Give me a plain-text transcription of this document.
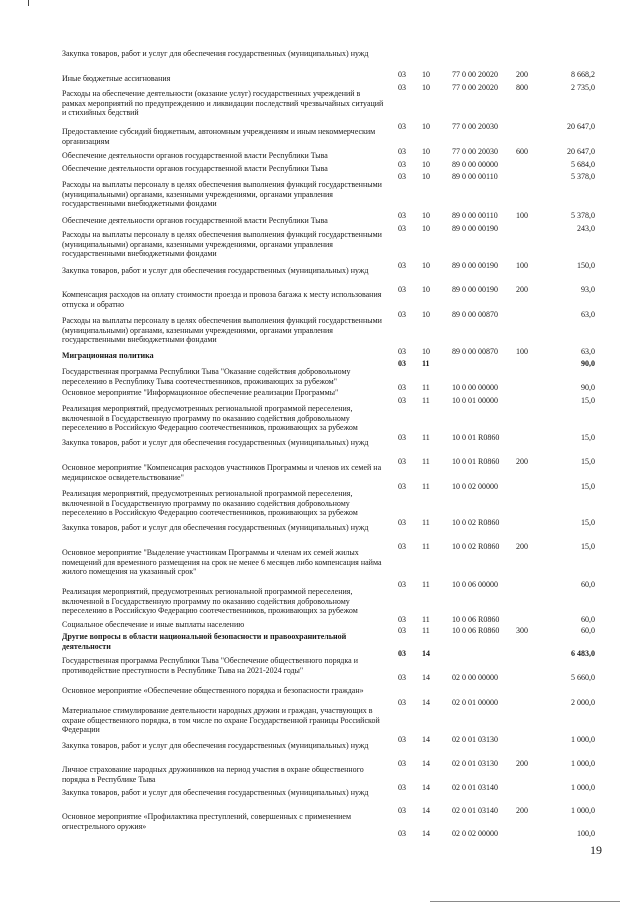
Закупка товаров, работ и услуг для обеспечения государственных (муниципальных) нужд
03 10	77 0 00 20020 200	8 668,2
Иные бюджетные ассигнования
03 10	77 0 00 20020 800	2 735,0
Расходы на обеспечение деятельности (оказание услуг) государственных учреждений в рамках мероприятий по предупреждению и ликвидации последствий чрезвычайных ситуаций и стихийных бедствий
03 10	77 0 00 20030	20 647,0
Предоставление субсидий бюджетным, автономным учреждениям и иным некоммерческим организациям
03 10	77 0 00 20030 600	20 647,0
Обеспечение деятельности органов государственной власти Республики Тыва
03 10	89 0 00 00000	5 684,0
Обеспечение деятельности органов государственной власти Республики Тыва
03 10	89 0 00 00110	5 378,0
Расходы на выплаты персоналу в целях обеспечения выполнения функций государственными (муниципальными) органами, казенными учреждениями, органами управления государственными внебюджетными фондами
03 10	89 0 00 00110 100	5 378,0
Обеспечение деятельности органов государственной власти Республики Тыва
03 10	89 0 00 00190	243,0
Расходы на выплаты персоналу в целях обеспечения выполнения функций государственными (муниципальными) органами, казенными учреждениями, органами управления государственными внебюджетными фондами
03 10	89 0 00 00190 100	150,0
Закупка товаров, работ и услуг для обеспечения государственных (муниципальных) нужд
03 10	89 0 00 00190 200	93,0
Компенсация расходов на оплату стоимости проезда и провоза багажа к месту использования отпуска и обратно
03 10	89 0 00 00870	63,0
Расходы на выплаты персоналу в целях обеспечения выполнения функций государственными (муниципальными) органами, казенными учреждениями, органами управления государственными внебюджетными фондами
03 10	89 0 00 00870 100	63,0
Миграционная политика
03 11	90,0
Государственная программа Республики Тыва "Оказание содействия добровольному переселению в Республику Тыва соотечественников, проживающих за рубежом"
03 11	10 0 00 00000	90,0
Основное мероприятие "Информационное обеспечение реализации Программы"
03 11	10 0 01 00000	15,0
Реализация мероприятий, предусмотренных региональной программой переселения, включенной в Государственную программу по оказанию содействия добровольному переселению в Российскую Федерацию соотечественников, проживающих за рубежом
03 11	10 0 01 R0860	15,0
Закупка товаров, работ и услуг для обеспечения государственных (муниципальных) нужд
03 11	10 0 01 R0860 200	15,0
Основное мероприятие "Компенсация расходов участников Программы и членов их семей на медицинское освидетельствование"
03 11	10 0 02 00000	15,0
Реализация мероприятий, предусмотренных региональной программой переселения, включенной в Государственную программу по оказанию содействия добровольному переселению в Российскую Федерацию соотечественников, проживающих за рубежом
03 11	10 0 02 R0860	15,0
Закупка товаров, работ и услуг для обеспечения государственных (муниципальных) нужд
03 11	10 0 02 R0860 200	15,0
Основное мероприятие "Выделение участникам Программы и членам их семей жилых помещений для временного размещения на срок не менее 6 месяцев либо компенсация найма жилого помещения на указанный срок"
03 11	10 0 06 00000	60,0
Реализация мероприятий, предусмотренных региональной программой переселения, включенной в Государственную программу по оказанию содействия добровольному переселению в Российскую Федерацию соотечественников, проживающих за рубежом
03 11	10 0 06 R0860	60,0
Социальное обеспечение и иные выплаты населению
03 11	10 0 06 R0860 300	60,0
Другие вопросы в области национальной безопасности и правоохранительной деятельности
03 14	6 483,0
Государственная программа Республики Тыва "Обеспечение общественного порядка и противодействие преступности в Республике Тыва на 2021-2024 годы"
03 14	02 0 00 00000	5 660,0
Основное мероприятие «Обеспечение общественного порядка и безопасности граждан»
03 14	02 0 01 00000	2 000,0
Материальное стимулирование деятельности народных дружин и граждан, участвующих в охране общественного порядка, в том числе по охране Государственной границы Российской Федерации
03 14	02 0 01 03130	1 000,0
Закупка товаров, работ и услуг для обеспечения государственных (муниципальных) нужд
03 14	02 0 01 03130 200	1 000,0
Личное страхование народных дружинников на период участия в охране общественного порядка в Республике Тыва
03 14	02 0 01 03140	1 000,0
Закупка товаров, работ и услуг для обеспечения государственных (муниципальных) нужд
03 14	02 0 01 03140 200	1 000,0
Основное мероприятие «Профилактика преступлений, совершенных с применением огнестрельного оружия»
03 14	02 0 02 00000	100,0
19
